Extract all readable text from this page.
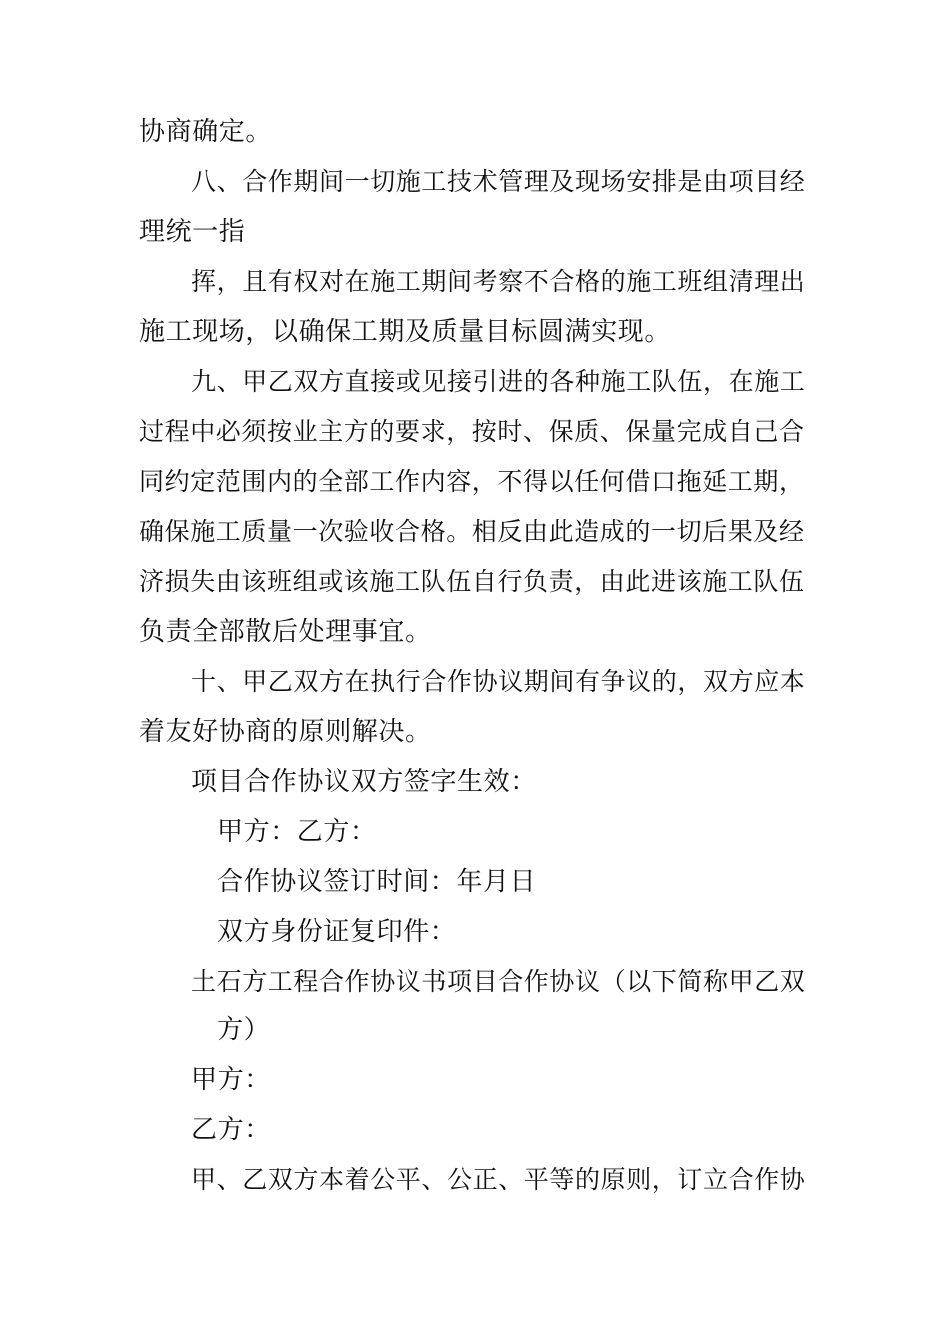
协商确定。
八、合作期间一切施工技术管理及现场安排是由项目经
理统一指
挥，且有权对在施工期间考察不合格的施工班组清理出
施工现场，以确保工期及质量目标圆满实现。
九、甲乙双方直接或见接引进的各种施工队伍，在施工
过程中必须按业主方的要求，按时、保质、保量完成自己合
同约定范围内的全部工作内容，不得以任何借口拖延工期，
确保施工质量一次验收合格。相反由此造成的一切后果及经
济损失由该班组或该施工队伍自行负责，由此进该施工队伍
负责全部散后处理事宜。
十、甲乙双方在执行合作协议期间有争议的，双方应本
着友好协商的原则解决。
项目合作协议双方签字生效：
甲方：乙方：
合作协议签订时间：年月日
双方身份证复印件：
土石方工程合作协议书项目合作协议（以下简称甲乙双
方）
甲方：
乙方：
甲、乙双方本着公平、公正、平等的原则，订立合作协
